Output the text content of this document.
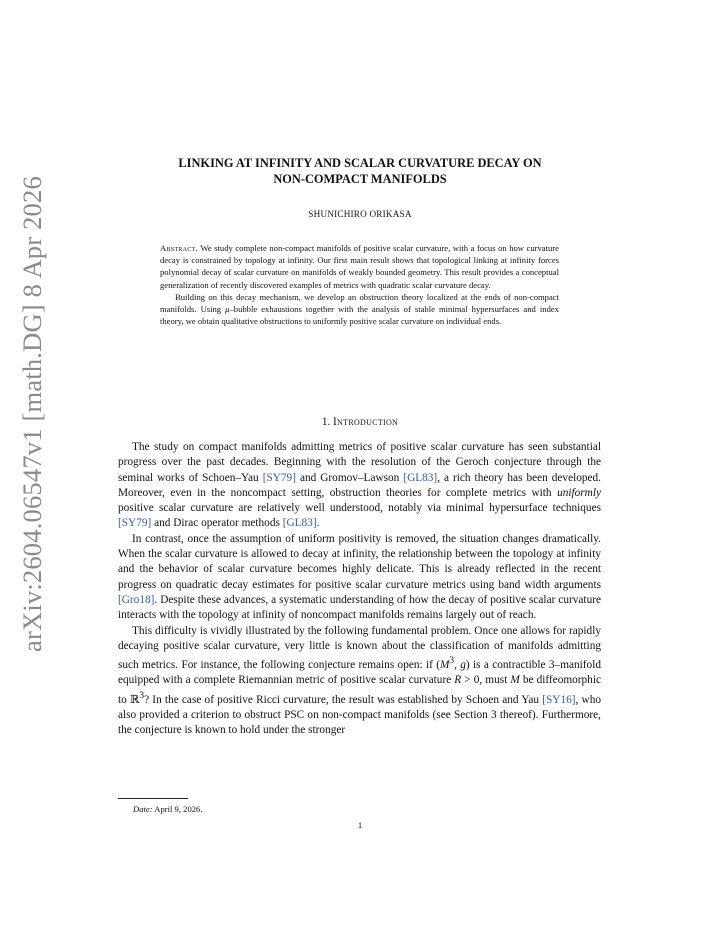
arXiv:2604.06547v1 [math.DG] 8 Apr 2026
LINKING AT INFINITY AND SCALAR CURVATURE DECAY ON
NON-COMPACT MANIFOLDS
SHUNICHIRO ORIKASA

Abstract. We study complete non-compact manifolds of positive scalar curvature, with a focus on how curvature decay is constrained by topology at infinity. Our first main result shows that topological linking at infinity forces polynomial decay of scalar curvature on manifolds of weakly bounded geometry. This result provides a conceptual generalization of recently discovered examples of metrics with quadratic scalar curvature decay.

Building on this decay mechanism, we develop an obstruction theory localized at the ends of non-compact manifolds. Using μ–bubble exhaustions together with the analysis of stable minimal hypersurfaces and index theory, we obtain qualitative obstructions to uniformly positive scalar curvature on individual ends.

1. Introduction

The study on compact manifolds admitting metrics of positive scalar curvature has seen substantial progress over the past decades. Beginning with the resolution of the Geroch conjecture through the seminal works of Schoen–Yau [SY79] and Gromov–Lawson [GL83], a rich theory has been developed. Moreover, even in the noncompact setting, obstruction theories for complete metrics with uniformly positive scalar curvature are relatively well understood, notably via minimal hypersurface techniques [SY79] and Dirac operator methods [GL83].

In contrast, once the assumption of uniform positivity is removed, the situation changes dramatically. When the scalar curvature is allowed to decay at infinity, the relationship between the topology at infinity and the behavior of scalar curvature becomes highly delicate. This is already reflected in the recent progress on quadratic decay estimates for positive scalar curvature metrics using band width arguments [Gro18]. Despite these advances, a systematic understanding of how the decay of positive scalar curvature interacts with the topology at infinity of noncompact manifolds remains largely out of reach.

This difficulty is vividly illustrated by the following fundamental problem. Once one allows for rapidly decaying positive scalar curvature, very little is known about the classification of manifolds admitting such metrics. For instance, the following conjecture remains open: if ($M^3$, g) is a contractible 3–manifold equipped with a complete Riemannian metric of positive scalar curvature R > 0, must M be diffeomorphic to ℝ$^3$? In the case of positive Ricci curvature, the result was established by Schoen and Yau [SY16], who also provided a criterion to obstruct PSC on non-compact manifolds (see Section 3 thereof). Furthermore, the conjecture is known to hold under the stronger

Date: April 9, 2026.
1
